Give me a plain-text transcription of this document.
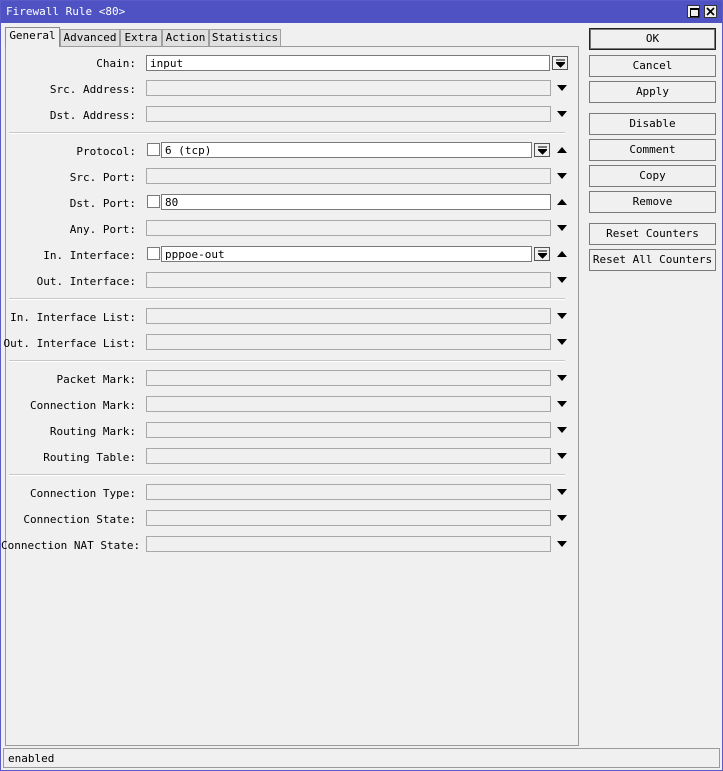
Firewall Rule <80>
General Advanced Extra Action Statistics
Chain: input
Src. Address:
Dst. Address:
Protocol:	6 (tcp)
Src. Port:
Dst. Port:	80
Any. Port:
In. Interface:	pppoe-out
Out. Interface:
In. Interface List:
Out. Interface List:
Packet Mark:
Connection Mark:
Routing Mark:
Routing Table:
Connection Type:
Connection State:
Connection NAT State:
OK
Cancel
Apply
Disable
Comment
Copy
Remove
Reset Counters
Reset All Counters
enabled
